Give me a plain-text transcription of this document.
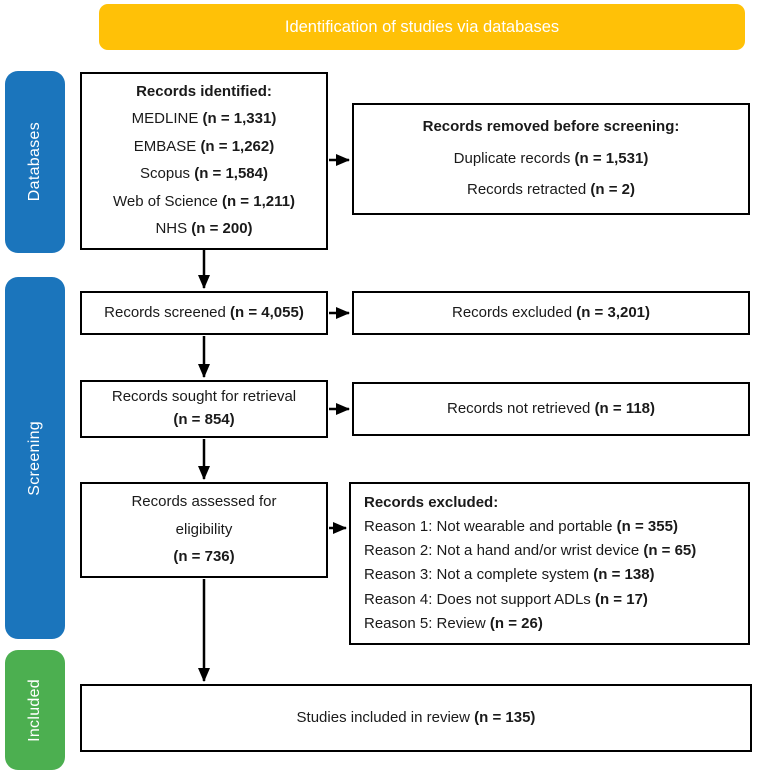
Identification of studies via databases
Databases
Screening
Included
Records identified:
MEDLINE (n = 1,331)
EMBASE (n = 1,262)
Scopus (n = 1,584)
Web of Science (n = 1,211)
NHS (n = 200)
Records removed before screening:
Duplicate records (n = 1,531)
Records retracted (n = 2)
Records screened (n = 4,055)	Records excluded (n = 3,201)
Records sought for retrieval
(n = 854)
Records not retrieved (n = 118)
Records assessed for
eligibility
(n = 736)
Records excluded:
Reason 1: Not wearable and portable (n = 355)
Reason 2: Not a hand and/or wrist device (n = 65)
Reason 3: Not a complete system (n = 138)
Reason 4: Does not support ADLs (n = 17)
Reason 5: Review (n = 26)
Studies included in review (n = 135)
